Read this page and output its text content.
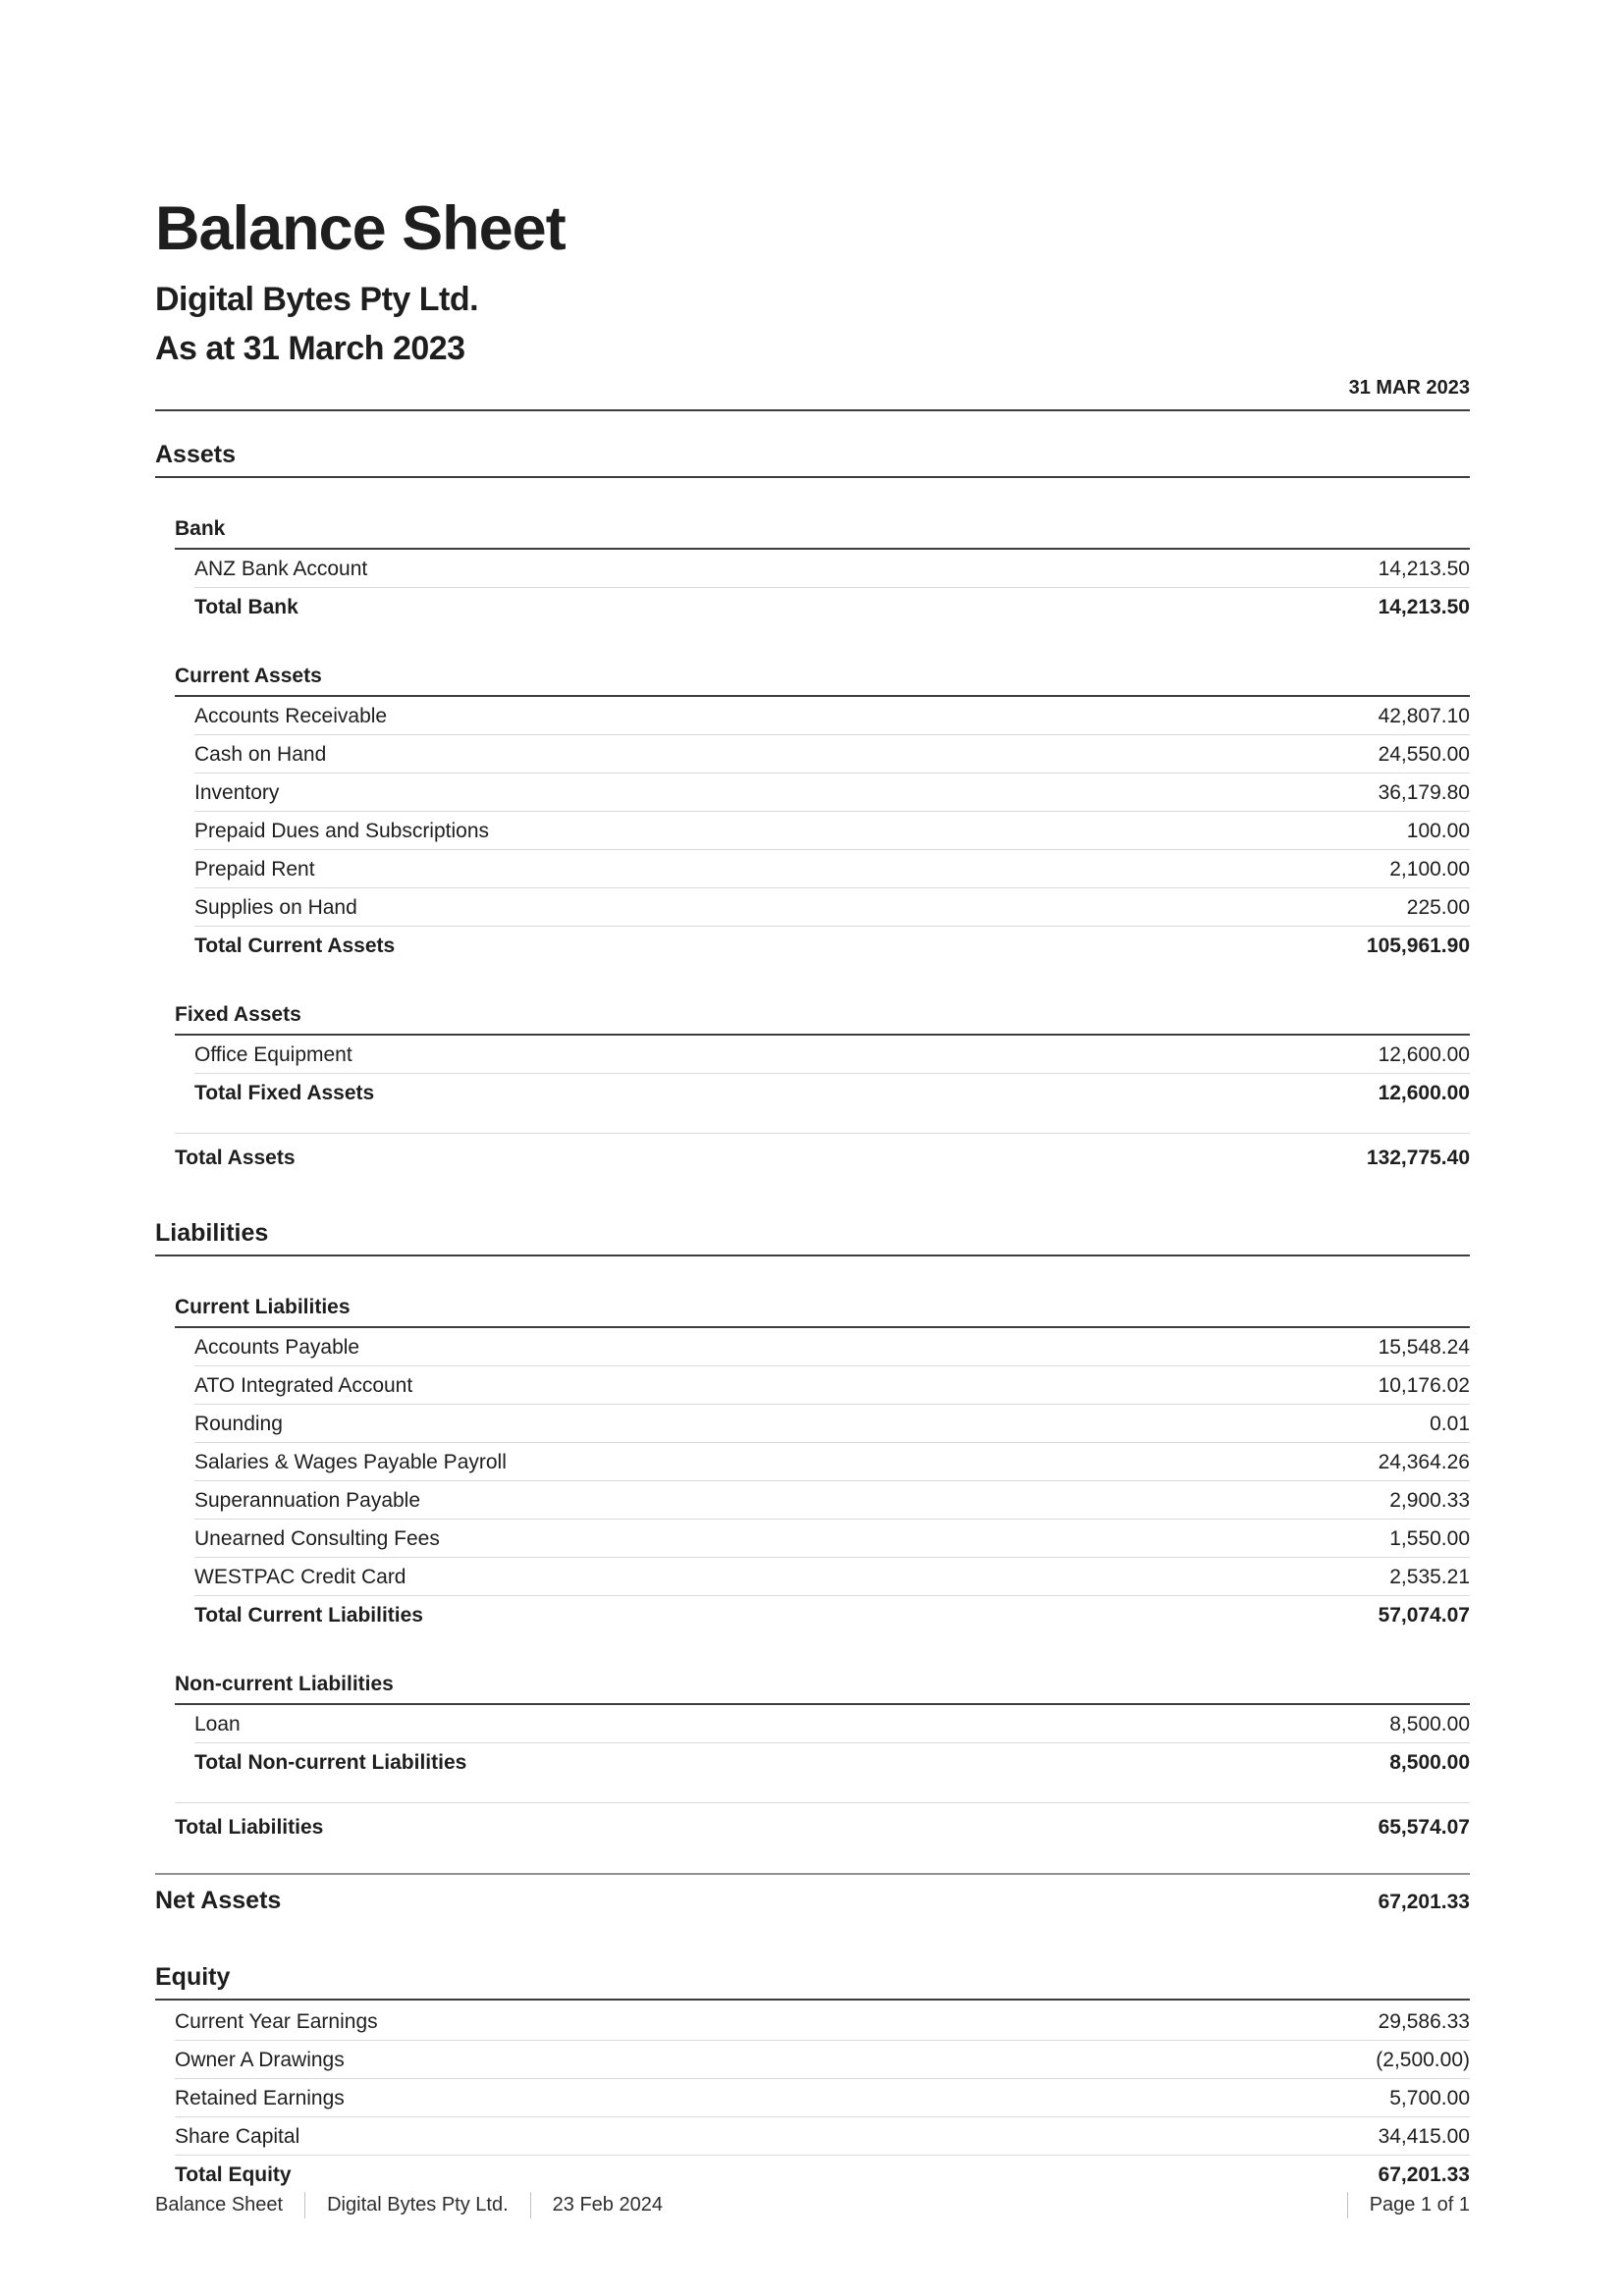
Balance Sheet
Digital Bytes Pty Ltd.
As at 31 March 2023
31 MAR 2023
Assets
Bank
ANZ Bank Account	14,213.50
Total Bank	14,213.50
Current Assets
Accounts Receivable	42,807.10
Cash on Hand	24,550.00
Inventory	36,179.80
Prepaid Dues and Subscriptions	100.00
Prepaid Rent	2,100.00
Supplies on Hand	225.00
Total Current Assets	105,961.90
Fixed Assets
Office Equipment	12,600.00
Total Fixed Assets	12,600.00
Total Assets	132,775.40
Liabilities
Current Liabilities
Accounts Payable	15,548.24
ATO Integrated Account	10,176.02
Rounding	0.01
Salaries & Wages Payable Payroll	24,364.26
Superannuation Payable	2,900.33
Unearned Consulting Fees	1,550.00
WESTPAC Credit Card	2,535.21
Total Current Liabilities	57,074.07
Non-current Liabilities
Loan	8,500.00
Total Non-current Liabilities	8,500.00
Total Liabilities	65,574.07
Net Assets	67,201.33
Equity
Current Year Earnings	29,586.33
Owner A Drawings	(2,500.00)
Retained Earnings	5,700.00
Share Capital	34,415.00
Total Equity	67,201.33
Balance Sheet	Digital Bytes Pty Ltd.	23 Feb 2024	Page 1 of 1
